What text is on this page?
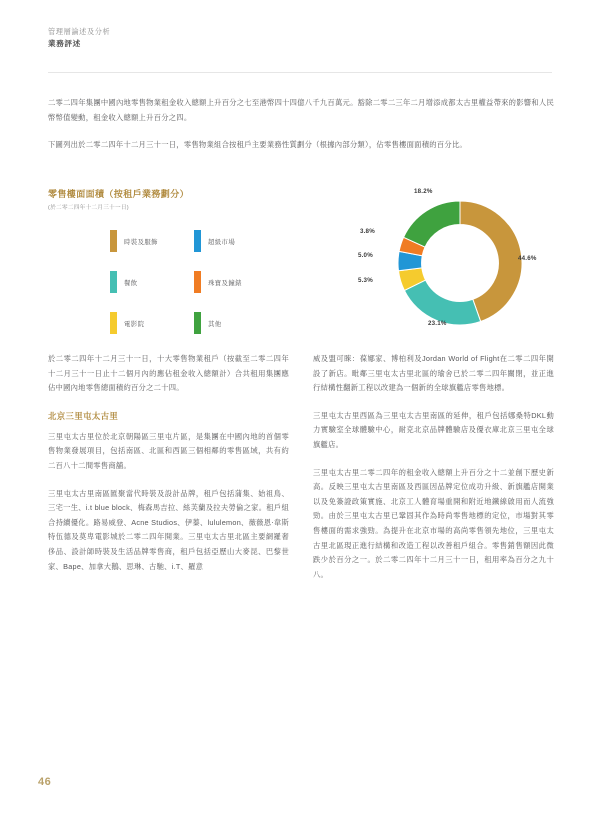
管理層論述及分析
業務評述

二零二四年集團中國內地零售物業租金收入總額上升百分之七至港幣四十四億八千九百萬元。豁除二零二三年二月增添成都太古里權益帶來的影響和人民幣幣值變動，租金收入總額上升百分之四。

下圖列出於二零二四年十二月三十一日，零售物業組合按租戶主要業務性質劃分（根據內部分類），佔零售樓面面積的百分比。

零售樓面面積（按租戶業務劃分）
(於二零二四年十二月三十一日)
時裝及服飾
餐飲
電影院
超級市場
珠寶及鐘錶
其他
44.6%
23.1%
5.3%
5.0%
3.8%
18.2%

於二零二四年十二月三十一日，十大零售物業租戶（按截至二零二四年十二月三十一日止十二個月內的應佔租金收入總額計）合共租用集團應佔中國內地零售總面積約百分之二十四。

北京三里屯太古里

三里屯太古里位於北京朝陽區三里屯片區，是集團在中國內地的首個零售物業發展項目，包括南區、北區和西區三個相鄰的零售區域，共有約二百八十二間零售商舖。

三里屯太古里南區匯聚當代時裝及設計品牌，租戶包括蒲集、始祖鳥、三宅一生、i.t blue block、梅森馬吉拉、絲芙蘭及拉夫勞倫之家。租戶組合持續優化。路易威登、Acne Studios、伊蓁、lululemon、薇薇恩‧韋斯特伍德及莫卑電影城於二零二四年開業。三里屯太古里北區主要網羅奢侈品、設計師時裝及生活品牌零售商，租戶包括亞歷山大麥昆、巴黎世家、Bape、加拿大鵝、思琳、古馳、i.T、羅意

威及盟可睞：葆娜家、博柏利及Jordan World of Flight在二零二四年開設了新店。毗鄰三里屯太古里北區的瑜舍已於二零二四年關閉，並正進行結構性翻新工程以改建為一個新的全球旗艦店零售地標。

三里屯太古里西區為三里屯太古里南區的延伸，租戶包括娜桑特DKL動力實驗室全球體驗中心，耐克北京品牌體驗店及優衣庫北京三里屯全球旗艦店。

三里屯太古里二零二四年的租金收入總額上升百分之十二並創下歷史新高。反映三里屯太古里南區及西區因品牌定位成功升級、新旗艦店開業以及免簽證政策實施、北京工人體育場重開和附近地鐵線啟用而人流強勁。由於三里屯太古里已鞏固其作為時尚零售地標的定位，市場對其零售樓面的需求強勁。為提升在北京市場的高尚零售領先地位，三里屯太古里北區現正進行結構和改造工程以改善租戶組合。零售銷售額因此微跌少於百分之一。於二零二四年十二月三十一日，租用率為百分之九十八。

46
